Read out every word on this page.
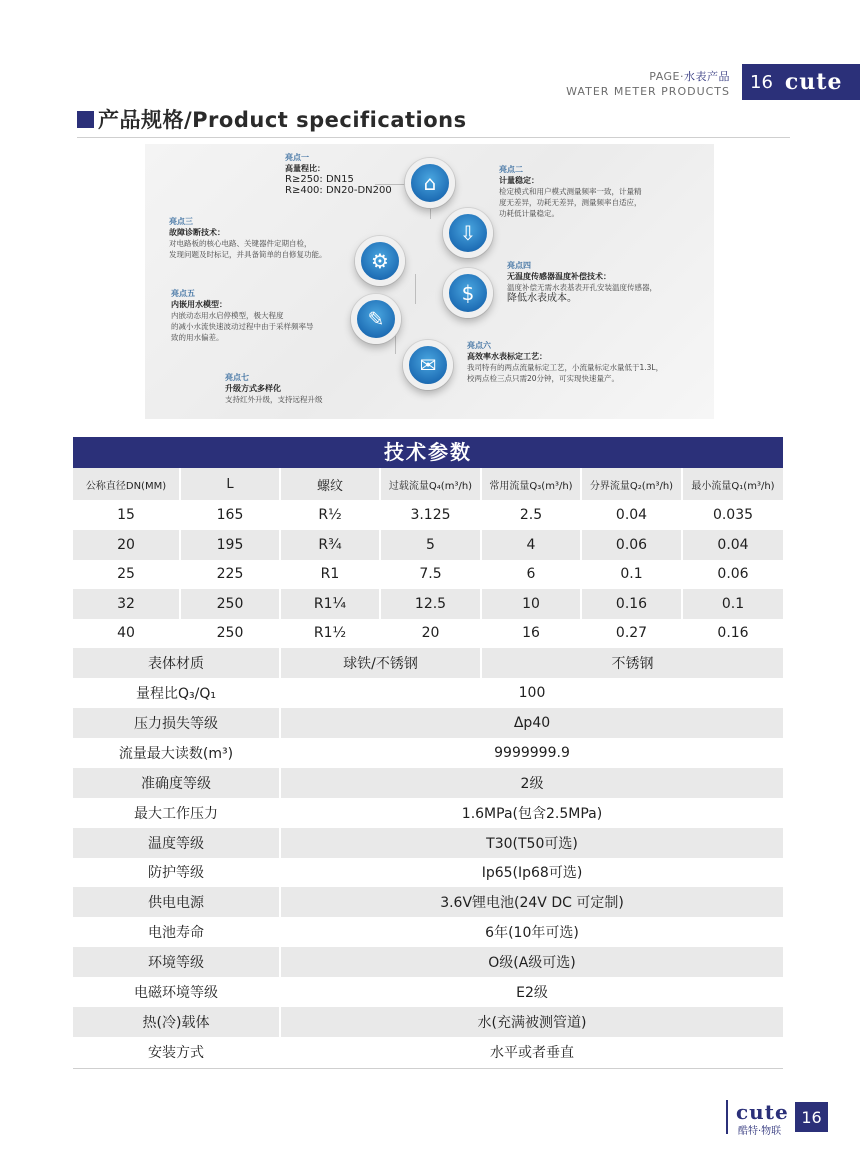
PAGE·水表产品
WATER METER PRODUCTS 16 cute
产品规格/Product specifications
⌂
⇩
⚙
$
✎
✉
亮点一
高量程比：
R≥250: DN15
R≥400: DN20-DN200
亮点二
计量稳定：
检定模式和用户模式测量频率一致，计量精
度无差异，功耗无差异，测量频率自适应，
功耗低计量稳定。
亮点三
故障诊断技术：
对电路板的核心电路、关键器件定期自检，
发现问题及时标记，并具备简单的自修复功能。
亮点四
无温度传感器温度补偿技术：
温度补偿无需水表基表开孔安装温度传感器，
降低水表成本。
亮点五
内嵌用水模型：
内嵌动态用水启停模型，极大程度
的减小水流快速波动过程中由于采样频率导
致的用水偏差。
亮点六
高效率水表标定工艺：
我司特有的两点流量标定工艺，小流量标定水量低于1.3L，
校两点检三点只需20分钟，可实现快速量产。
亮点七
升级方式多样化
支持红外升级，支持远程升级
技术参数
公称直径DN(MM)	L	螺纹	过载流量Q₄(m³/h)	常用流量Q₃(m³/h)	分界流量Q₂(m³/h)	最小流量Q₁(m³/h)
15	165	R½	3.125	2.5	0.04	0.035
20	195	R¾	5	4	0.06	0.04
25	225	R1	7.5	6	0.1	0.06
32	250	R1¼	12.5	10	0.16	0.1
40	250	R1½	20	16	0.27	0.16
表体材质	球铁/不锈钢	不锈钢
量程比Q₃/Q₁	100
压力损失等级	Δp40
流量最大读数(m³)	9999999.9
准确度等级	2级
最大工作压力	1.6MPa(包含2.5MPa)
温度等级	T30(T50可选)
防护等级	Ip65(Ip68可选)
供电电源	3.6V锂电池(24V DC 可定制)
电池寿命	6年(10年可选)
环境等级	O级(A级可选)
电磁环境等级	E2级
热(冷)载体	水(充满被测管道)
安装方式	水平或者垂直
cute
酷特·物联
16
